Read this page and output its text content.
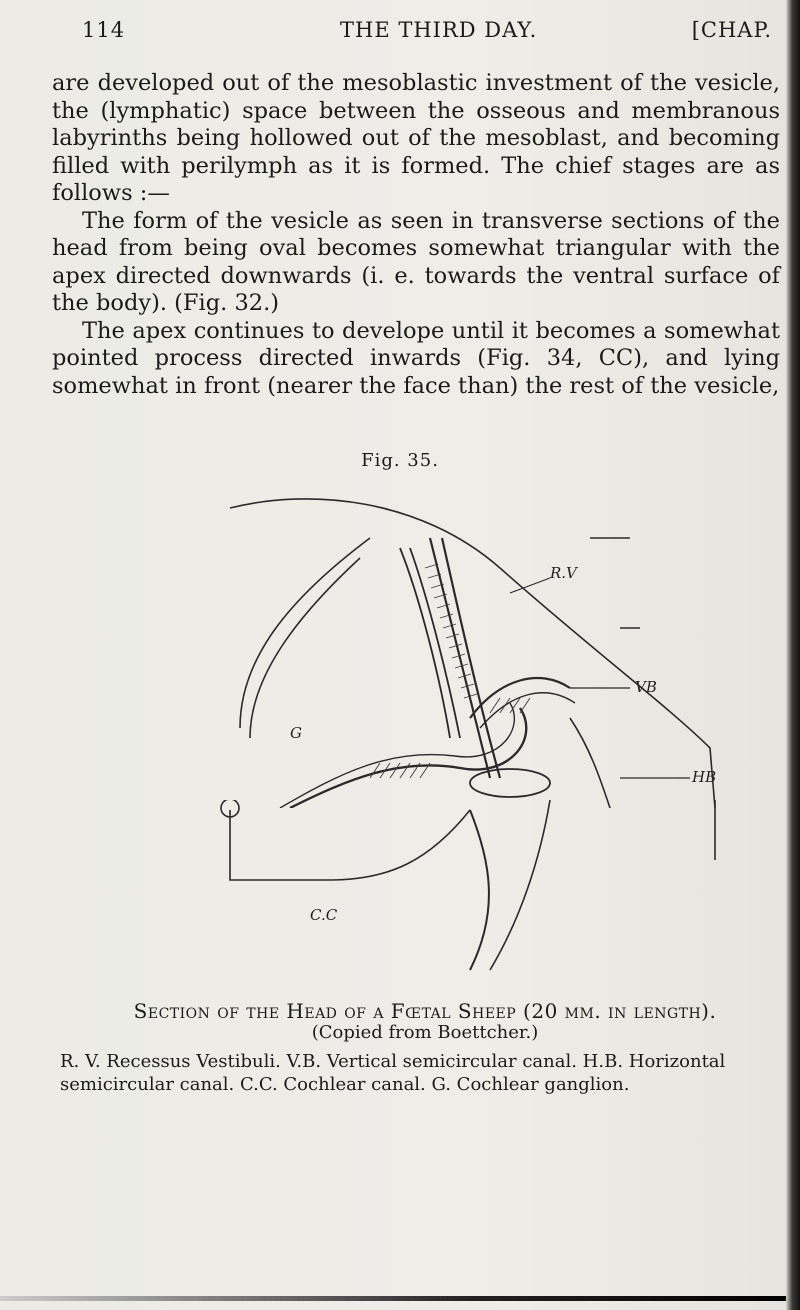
114	THE THIRD DAY.	[CHAP.

are developed out of the mesoblastic investment of the vesicle, the (lymphatic) space between the osseous and membranous labyrinths being hollowed out of the mesoblast, and becoming filled with perilymph as it is formed. The chief stages are as follows :—

The form of the vesicle as seen in transverse sections of the head from being oval becomes somewhat triangular with the apex directed downwards (i. e. towards the ventral surface of the body). (Fig. 32.)

The apex continues to develope until it becomes a somewhat pointed process directed inwards (Fig. 34, CC), and lying somewhat in front (nearer the face than) the rest of the vesicle,

Fig. 35.
R.V
VB
HB
G
C.C
Section of the Head of a Fœtal Sheep (20 mm. in length).
(Copied from Boettcher.)
R. V. Recessus Vestibuli. V.B. Vertical semicircular canal. H.B. Horizontal semicircular canal. C.C. Cochlear canal. G. Cochlear ganglion.
